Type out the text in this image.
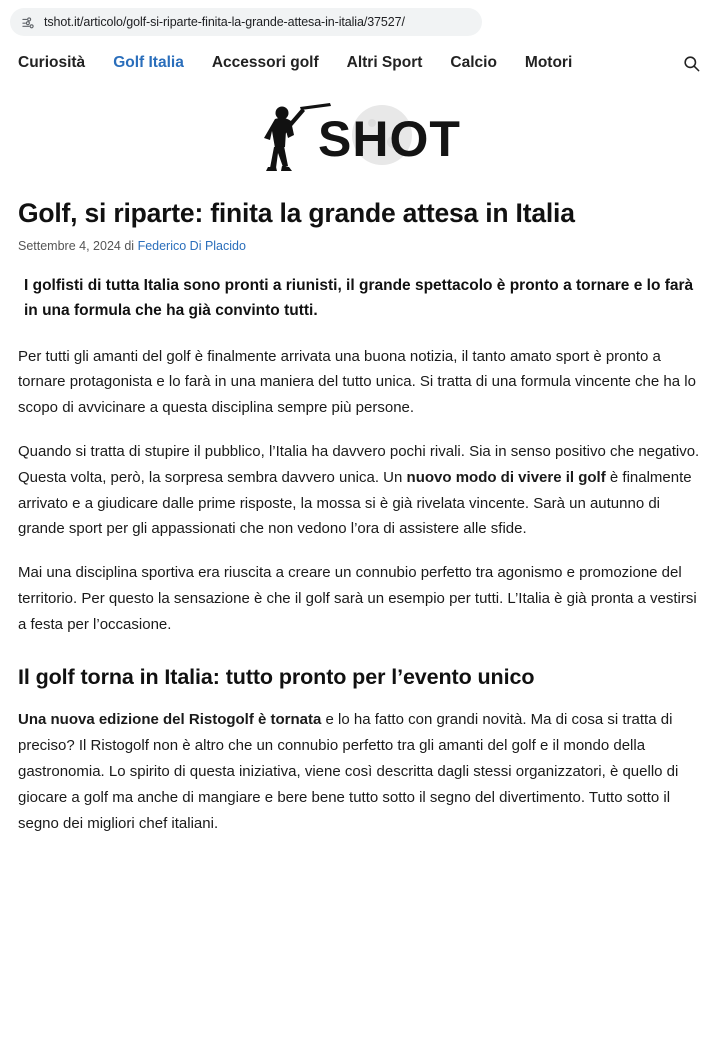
tshot.it/articolo/golf-si-riparte-finita-la-grande-attesa-in-italia/37527/
Curiosità Golf Italia Accessori golf Altri Sport Calcio Motori
SHOT
Golf, si riparte: finita la grande attesa in Italia
Settembre 4, 2024 di Federico Di Placido

I golfisti di tutta Italia sono pronti a riunisti, il grande spettacolo è pronto a tornare e lo farà in una formula che ha già convinto tutti.

Per tutti gli amanti del golf è finalmente arrivata una buona notizia, il tanto amato sport è pronto a tornare protagonista e lo farà in una maniera del tutto unica. Si tratta di una formula vincente che ha lo scopo di avvicinare a questa disciplina sempre più persone.

Quando si tratta di stupire il pubblico, l’Italia ha davvero pochi rivali. Sia in senso positivo che negativo. Questa volta, però, la sorpresa sembra davvero unica. Un nuovo modo di vivere il golf è finalmente arrivato e a giudicare dalle prime risposte, la mossa si è già rivelata vincente. Sarà un autunno di grande sport per gli appassionati che non vedono l’ora di assistere alle sfide.

Mai una disciplina sportiva era riuscita a creare un connubio perfetto tra agonismo e promozione del territorio. Per questo la sensazione è che il golf sarà un esempio per tutti. L’Italia è già pronta a vestirsi a festa per l’occasione.

Il golf torna in Italia: tutto pronto per l’evento unico

Una nuova edizione del Ristogolf è tornata e lo ha fatto con grandi novità. Ma di cosa si tratta di preciso? Il Ristogolf non è altro che un connubio perfetto tra gli amanti del golf e il mondo della gastronomia. Lo spirito di questa iniziativa, viene così descritta dagli stessi organizzatori, è quello di giocare a golf ma anche di mangiare e bere bene tutto sotto il segno del divertimento. Tutto sotto il segno dei migliori chef italiani.
